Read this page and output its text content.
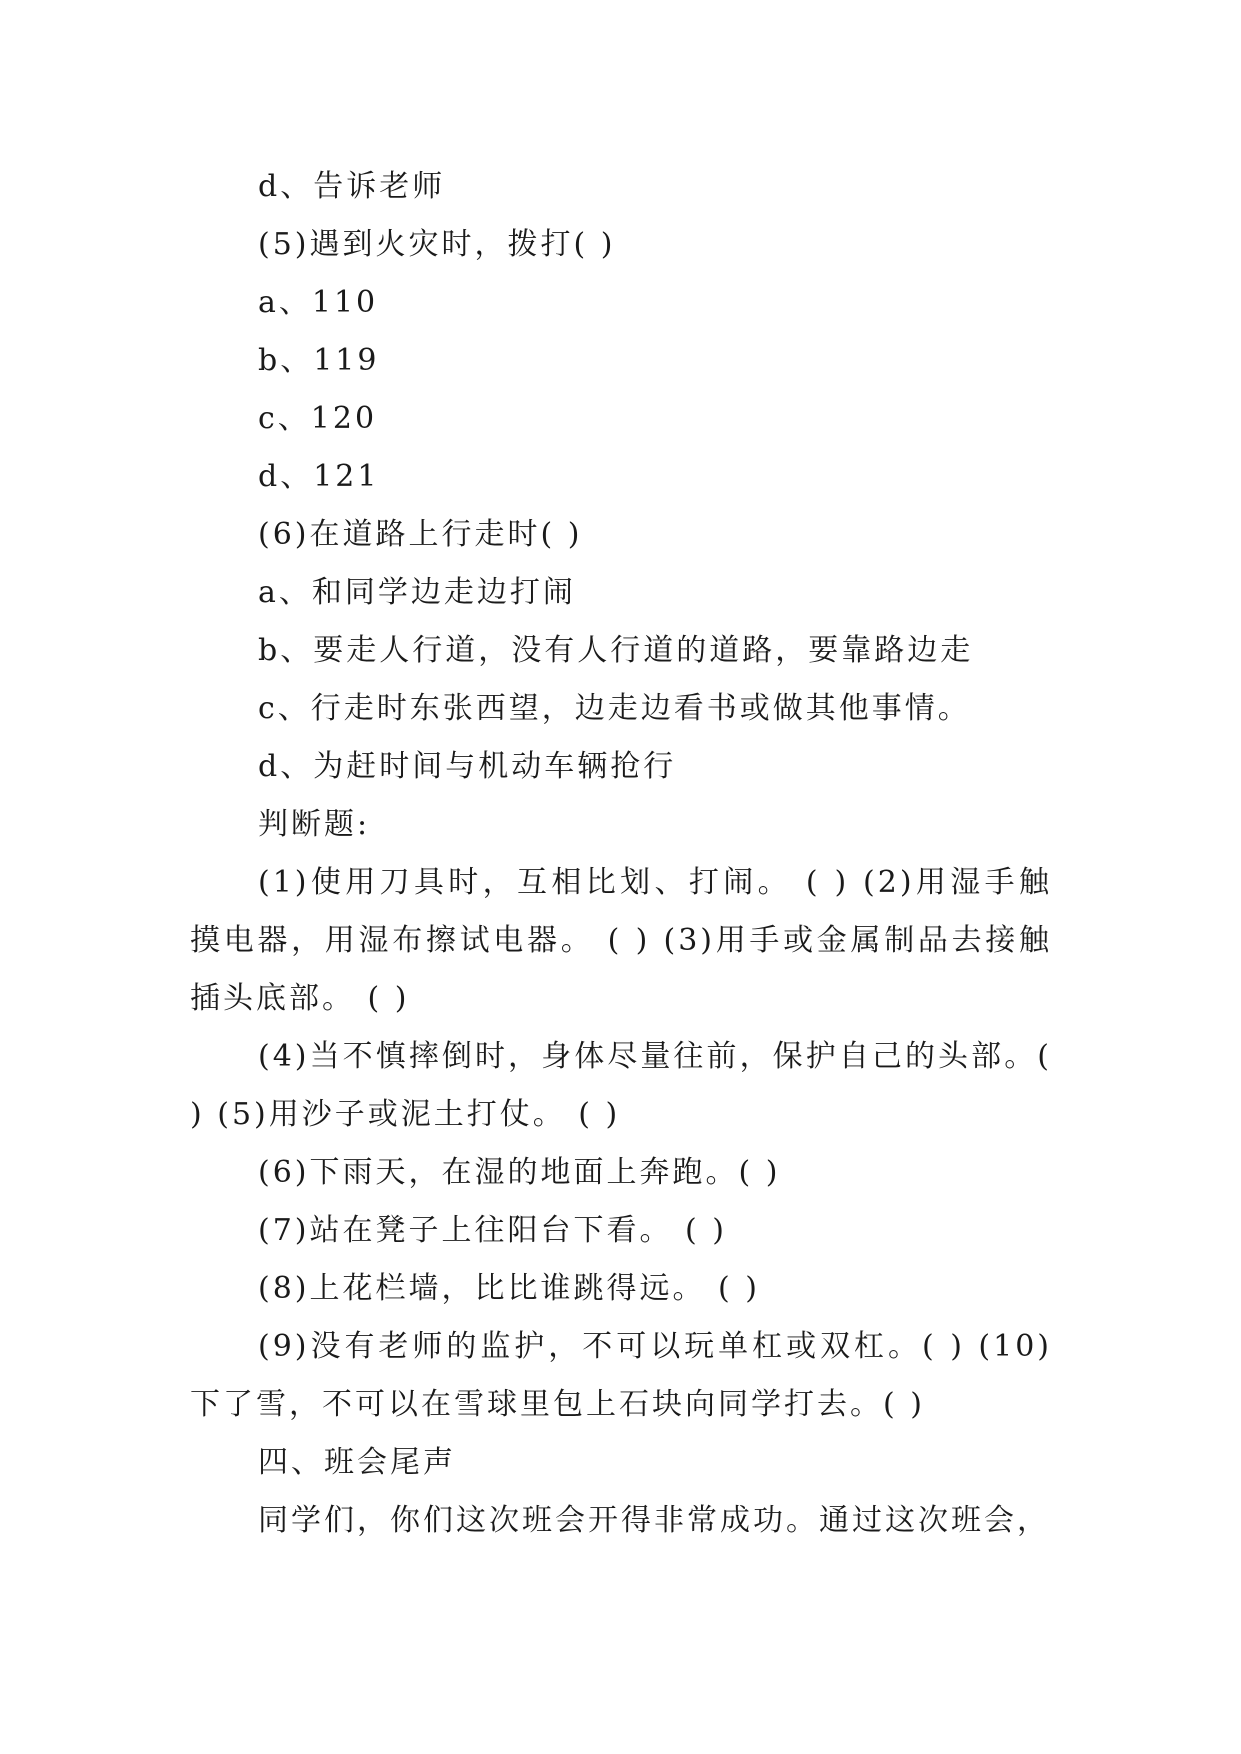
d、告诉老师
(5)遇到火灾时，拨打( )
a、110
b、119
c、120
d、121
(6)在道路上行走时( )
a、和同学边走边打闹
b、要走人行道，没有人行道的道路，要靠路边走
c、行走时东张西望，边走边看书或做其他事情。
d、为赶时间与机动车辆抢行
判断题:
(1)使用刀具时，互相比划、打闹。 ( ) (2)用湿手触摸电器，用湿布擦试电器。 ( ) (3)用手或金属制品去接触插头底部。 ( )
(4)当不慎摔倒时，身体尽量往前，保护自己的头部。( ) (5)用沙子或泥土打仗。 ( )
(6)下雨天，在湿的地面上奔跑。( )
(7)站在凳子上往阳台下看。 ( )
(8)上花栏墙，比比谁跳得远。 ( )
(9)没有老师的监护，不可以玩单杠或双杠。( ) (10)下了雪，不可以在雪球里包上石块向同学打去。( )
四、班会尾声
同学们，你们这次班会开得非常成功。通过这次班会，
